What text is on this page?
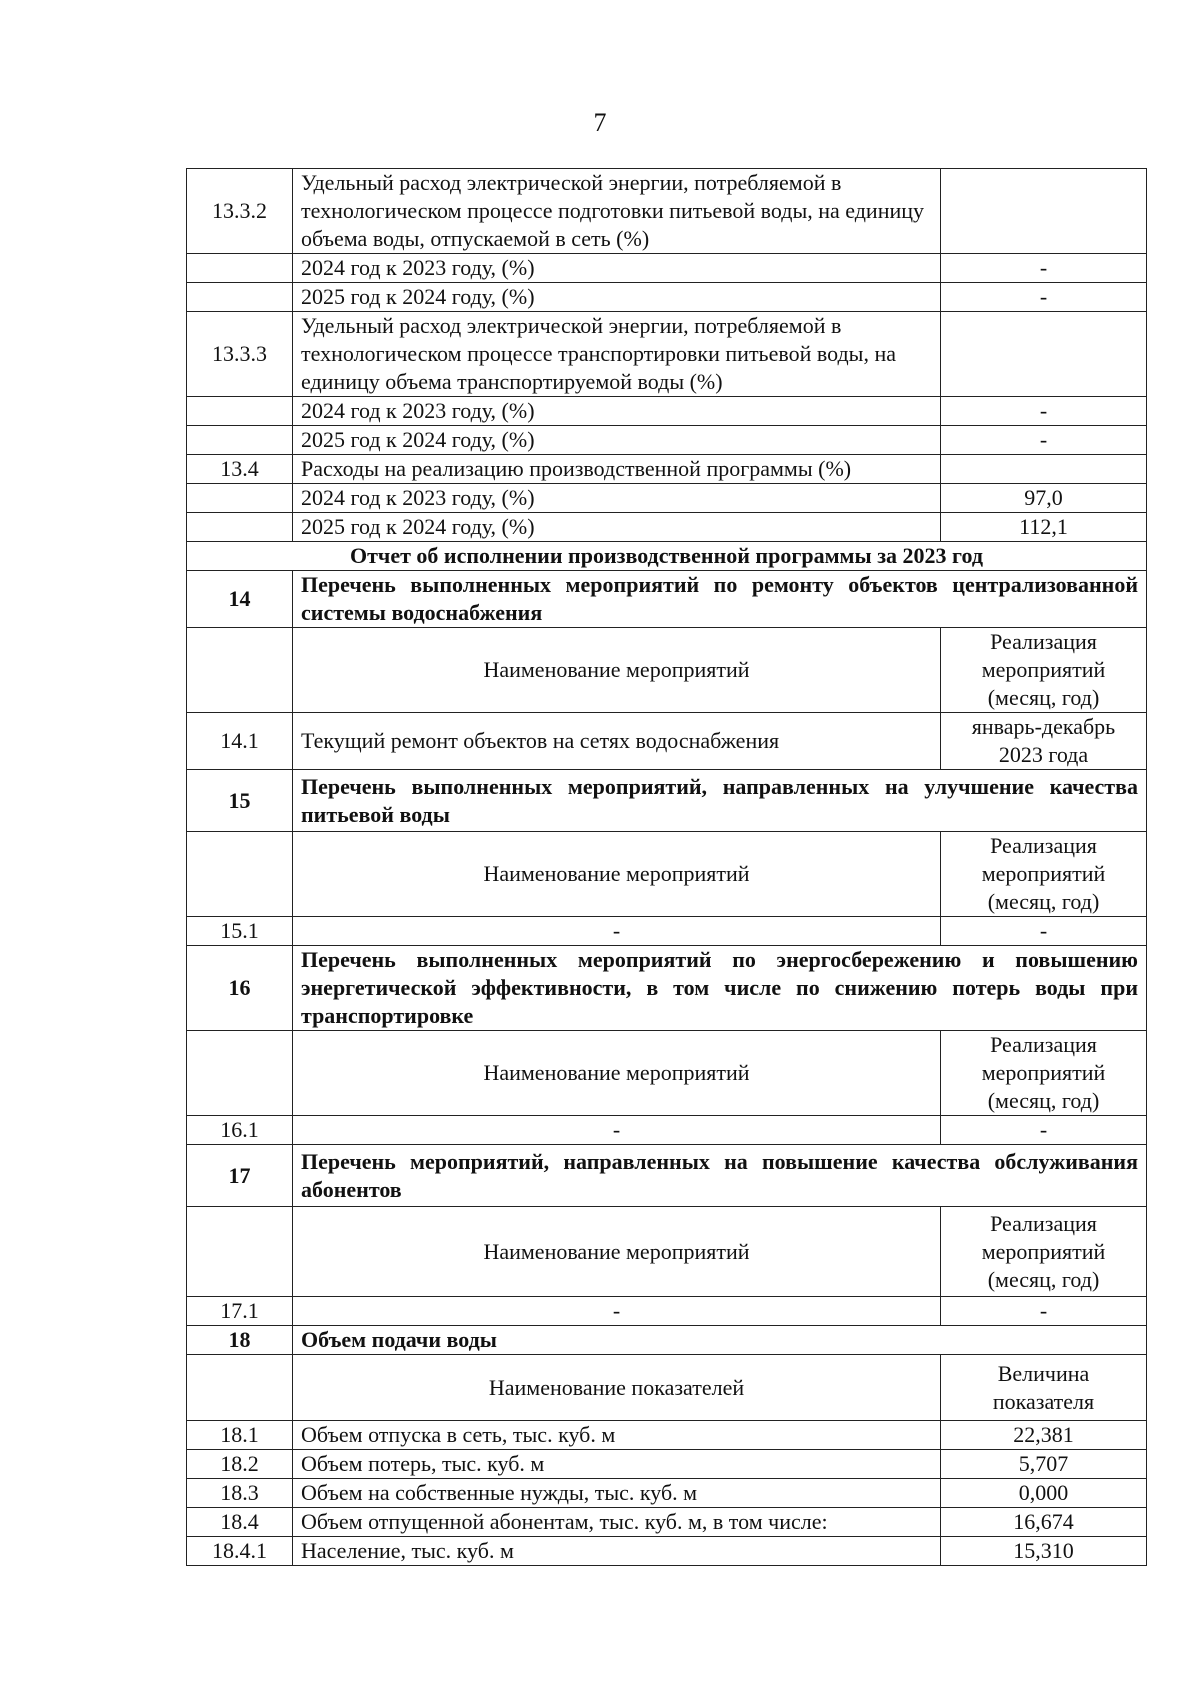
7
13.3.2	Удельный расход электрической энергии, потребляемой в технологическом процессе подготовки питьевой воды, на единицу объема воды, отпускаемой в сеть (%)	
	2024 год к 2023 году, (%)	-
	2025 год к 2024 году, (%)	-
13.3.3	Удельный расход электрической энергии, потребляемой в технологическом процессе транспортировки питьевой воды, на единицу объема транспортируемой воды (%)	
	2024 год к 2023 году, (%)	-
	2025 год к 2024 году, (%)	-
13.4	Расходы на реализацию производственной программы (%)	
	2024 год к 2023 году, (%)	97,0
	2025 год к 2024 году, (%)	112,1
Отчет об исполнении производственной программы за 2023 год		
14	Перечень выполненных мероприятий по ремонту объектов централизованной системы водоснабжения	
	Наименование мероприятий	Реализация мероприятий (месяц, год)
14.1	Текущий ремонт объектов на сетях водоснабжения	январь-декабрь 2023 года
15	Перечень выполненных мероприятий, направленных на улучшение качества питьевой воды	
	Наименование мероприятий	Реализация мероприятий (месяц, год)
15.1	-	-
16	Перечень выполненных мероприятий по энергосбережению и повышению энергетической эффективности, в том числе по снижению потерь воды при транспортировке	
	Наименование мероприятий	Реализация мероприятий (месяц, год)
16.1	-	-
17	Перечень мероприятий, направленных на повышение качества обслуживания абонентов	
	Наименование мероприятий	Реализация мероприятий (месяц, год)
17.1	-	-
18	Объем подачи воды	
	Наименование показателей	Величина показателя
18.1	Объем отпуска в сеть, тыс. куб. м	22,381
18.2	Объем потерь, тыс. куб. м	5,707
18.3	Объем на собственные нужды, тыс. куб. м	0,000
18.4	Объем отпущенной абонентам, тыс. куб. м, в том числе:	16,674
18.4.1	Население, тыс. куб. м	15,310
